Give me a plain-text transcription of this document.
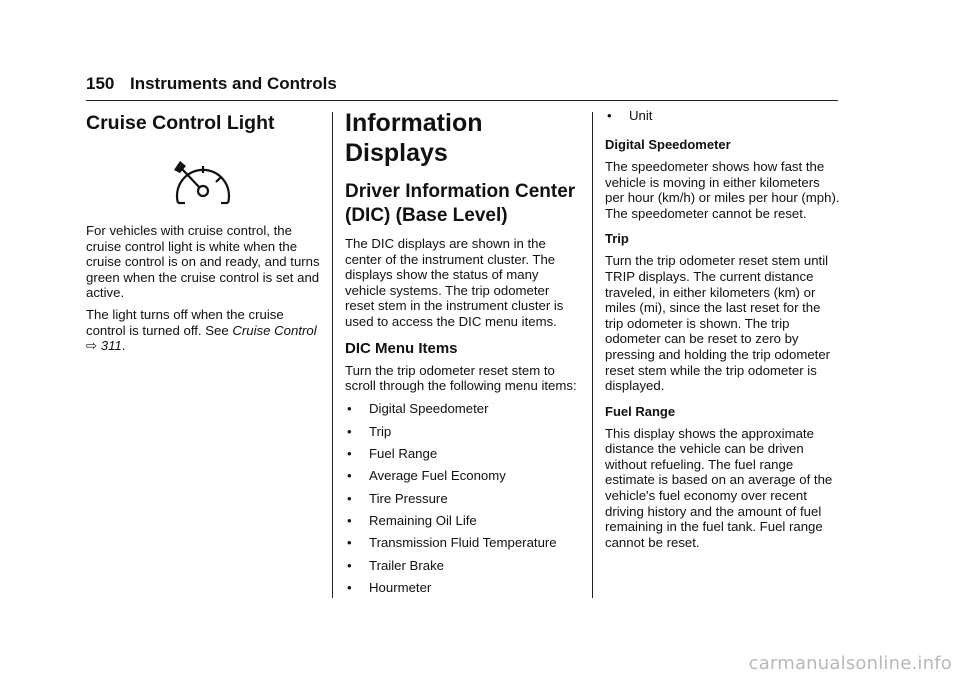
150 Instruments and Controls
Cruise Control Light

For vehicles with cruise control, the cruise control light is white when the cruise control is on and ready, and turns green when the cruise control is set and active.

The light turns off when the cruise control is turned off. See Cruise Control ⇨ 311.

Information Displays
Driver Information Center (DIC) (Base Level)

The DIC displays are shown in the center of the instrument cluster. The displays show the status of many vehicle systems. The trip odometer reset stem in the instrument cluster is used to access the DIC menu items.

DIC Menu Items

Turn the trip odometer reset stem to scroll through the following menu items:

•	Digital Speedometer
•	Trip
•	Fuel Range
•	Average Fuel Economy
•	Tire Pressure
•	Remaining Oil Life
•	Transmission Fluid Temperature
•	Trailer Brake
•	Hourmeter
•	Unit
Digital Speedometer

The speedometer shows how fast the vehicle is moving in either kilometers per hour (km/h) or miles per hour (mph). The speedometer cannot be reset.

Trip

Turn the trip odometer reset stem until TRIP displays. The current distance traveled, in either kilometers (km) or miles (mi), since the last reset for the trip odometer is shown. The trip odometer can be reset to zero by pressing and holding the trip odometer reset stem while the trip odometer is displayed.

Fuel Range

This display shows the approximate distance the vehicle can be driven without refueling. The fuel range estimate is based on an average of the vehicle's fuel economy over recent driving history and the amount of fuel remaining in the fuel tank. Fuel range cannot be reset.

carmanualsonline.info
